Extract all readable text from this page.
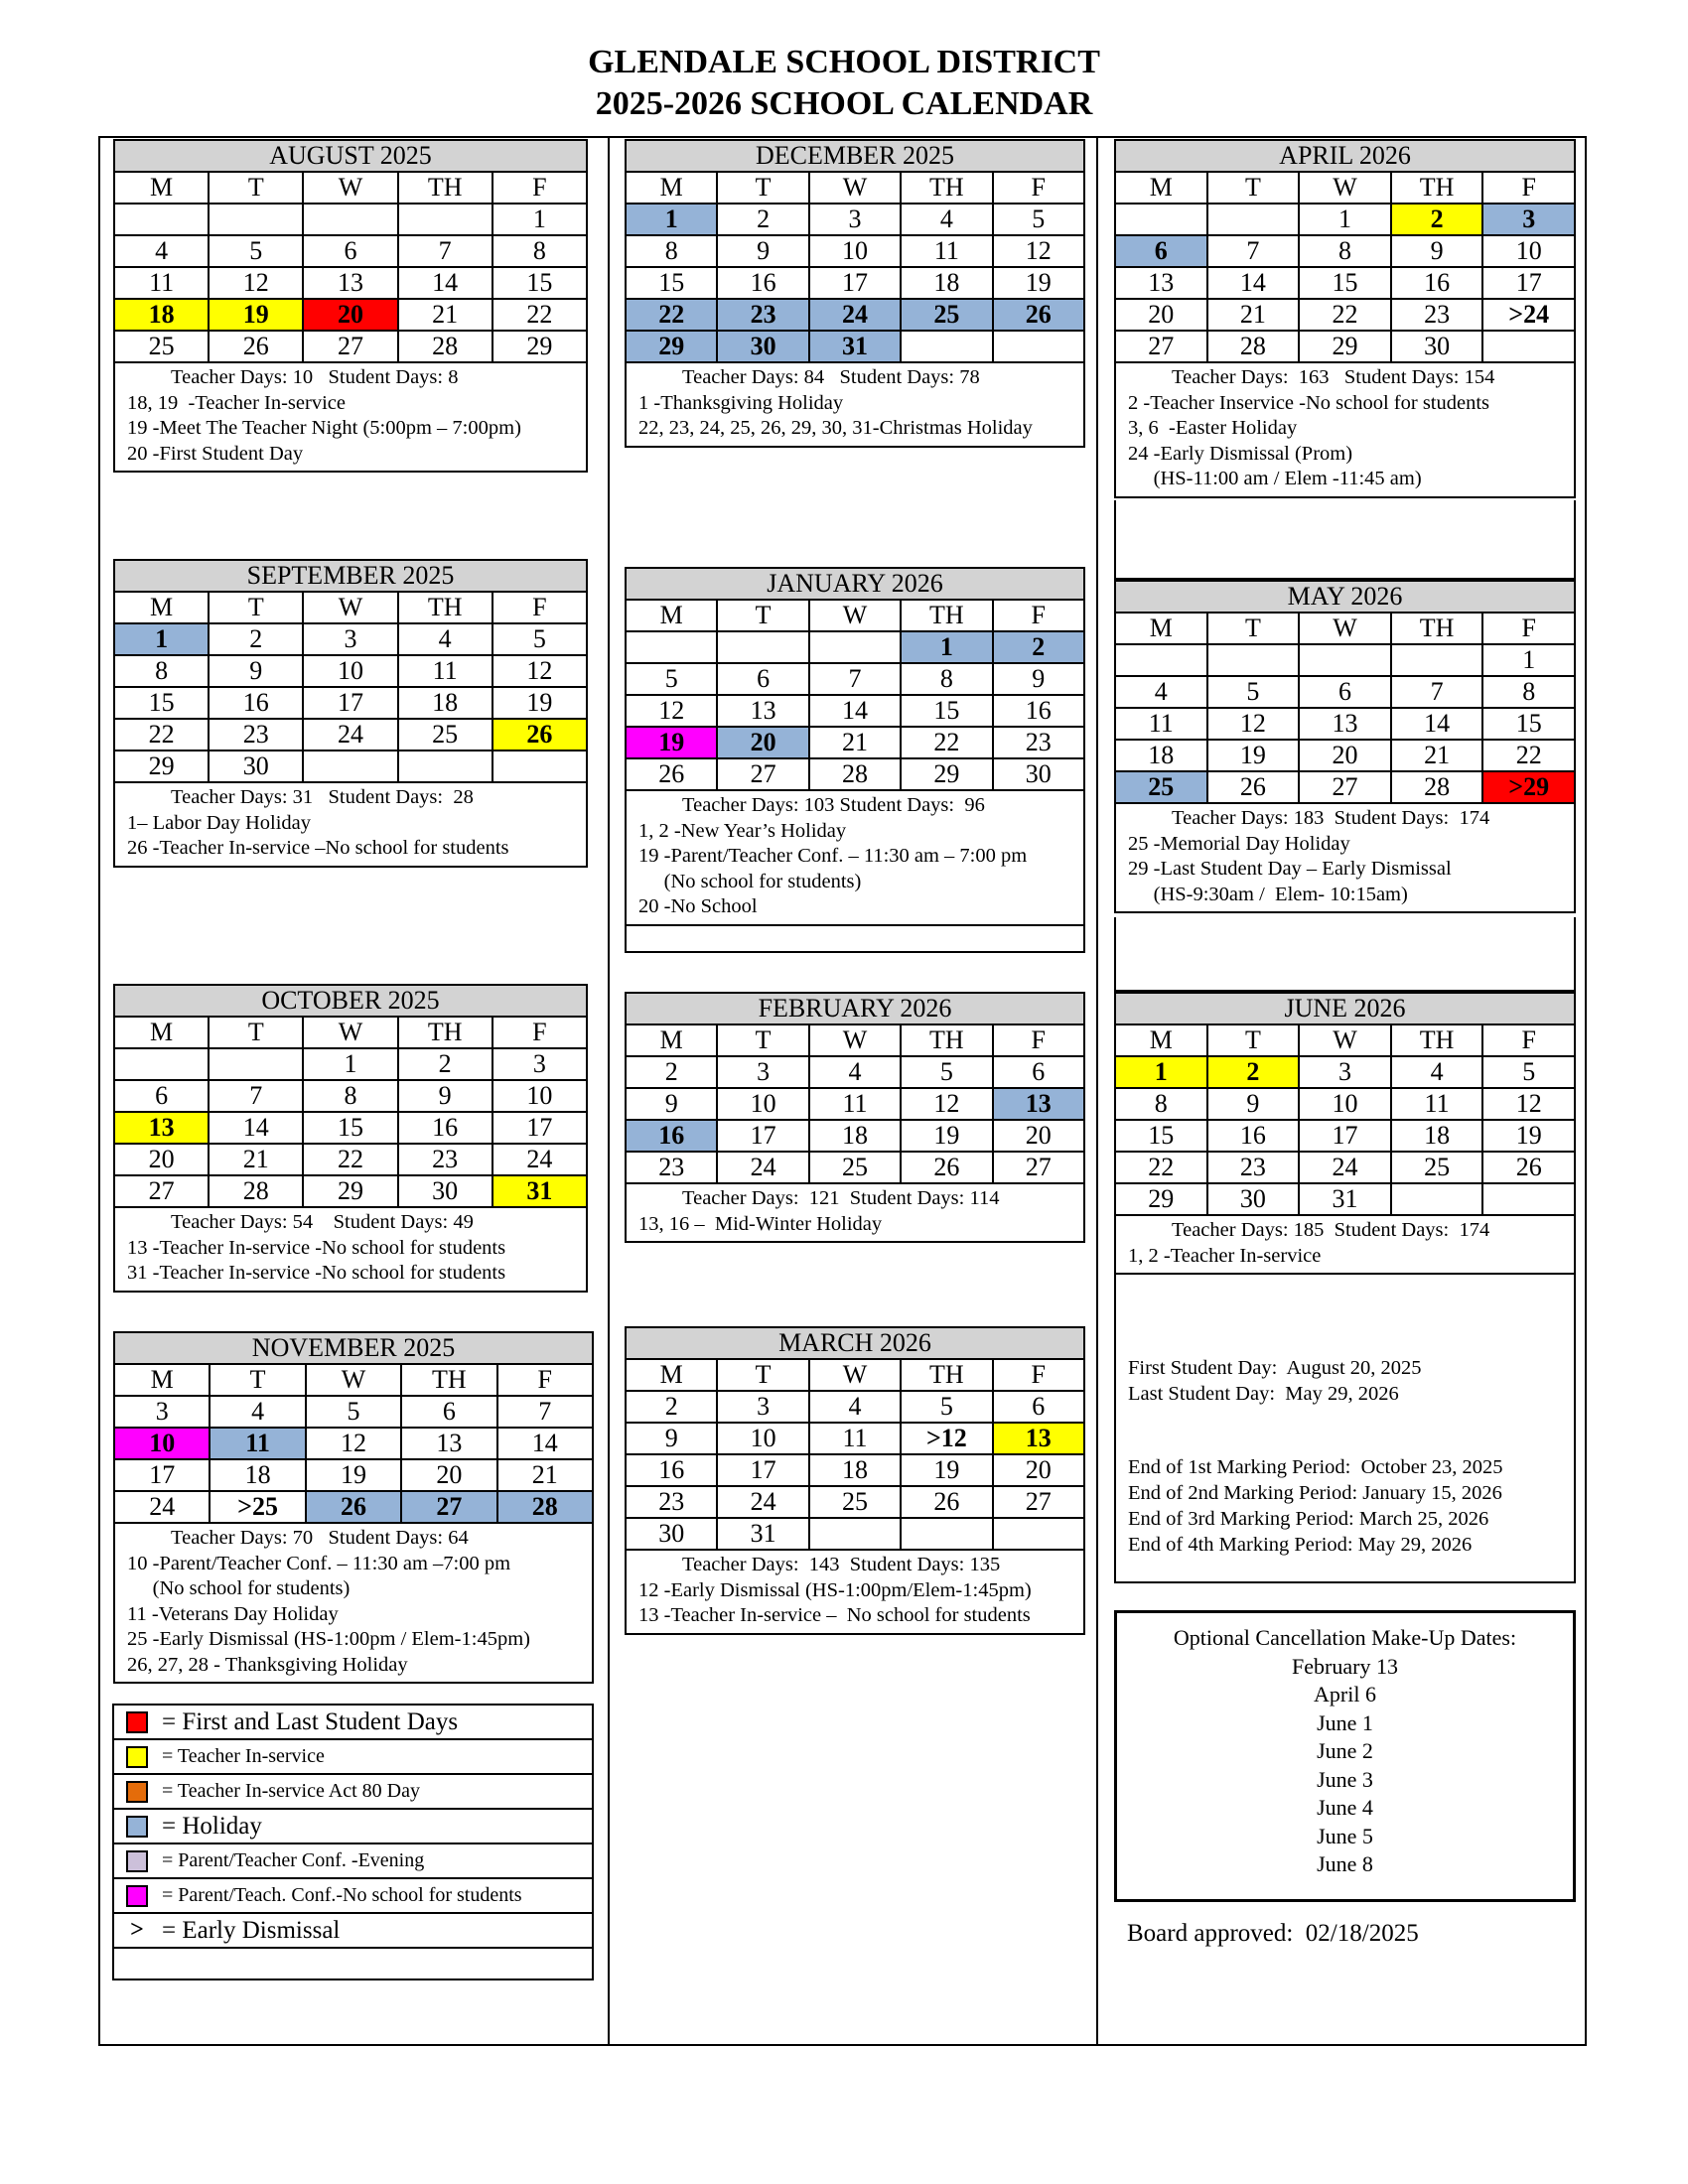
GLENDALE SCHOOL DISTRICT
2025-2026 SCHOOL CALENDAR
AUGUST 2025				
M	T	W	TH	F
				1
4	5	6	7	8
11	12	13	14	15
18	19	20	21	22
25	26	27	28	29
Teacher Days: 10   Student Days: 8
18, 19  -Teacher In-service
19 -Meet The Teacher Night (5:00pm – 7:00pm)
20 -First Student Day
SEPTEMBER 2025				
M	T	W	TH	F
1	2	3	4	5
8	9	10	11	12
15	16	17	18	19
22	23	24	25	26
29	30			
Teacher Days: 31   Student Days:  28
1– Labor Day Holiday
26 -Teacher In-service –No school for students
OCTOBER 2025				
M	T	W	TH	F
		1	2	3
6	7	8	9	10
13	14	15	16	17
20	21	22	23	24
27	28	29	30	31
Teacher Days: 54    Student Days: 49
13 -Teacher In-service -No school for students
31 -Teacher In-service -No school for students
NOVEMBER 2025				
M	T	W	TH	F
3	4	5	6	7
10	11	12	13	14
17	18	19	20	21
24	>25	26	27	28
Teacher Days: 70   Student Days: 64
10 -Parent/Teacher Conf. – 11:30 am –7:00 pm
(No school for students)
11 -Veterans Day Holiday
25 -Early Dismissal (HS-1:00pm / Elem-1:45pm)
26, 27, 28 - Thanksgiving Holiday
DECEMBER 2025				
M	T	W	TH	F
1	2	3	4	5
8	9	10	11	12
15	16	17	18	19
22	23	24	25	26
29	30	31		
Teacher Days: 84   Student Days: 78
1 -Thanksgiving Holiday
22, 23, 24, 25, 26, 29, 30, 31-Christmas Holiday
JANUARY 2026				
M	T	W	TH	F
			1	2
5	6	7	8	9
12	13	14	15	16
19	20	21	22	23
26	27	28	29	30
Teacher Days: 103 Student Days:  96
1, 2 -New Year’s Holiday
19 -Parent/Teacher Conf. – 11:30 am – 7:00 pm
(No school for students)
20 -No School
FEBRUARY 2026				
M	T	W	TH	F
2	3	4	5	6
9	10	11	12	13
16	17	18	19	20
23	24	25	26	27
Teacher Days:  121  Student Days: 114
13, 16 –  Mid-Winter Holiday
MARCH 2026				
M	T	W	TH	F
2	3	4	5	6
9	10	11	>12	13
16	17	18	19	20
23	24	25	26	27
30	31			
Teacher Days:  143  Student Days: 135
12 -Early Dismissal (HS-1:00pm/Elem-1:45pm)
13 -Teacher In-service –  No school for students
APRIL 2026				
M	T	W	TH	F
		1	2	3
6	7	8	9	10
13	14	15	16	17
20	21	22	23	>24
27	28	29	30	
Teacher Days:  163   Student Days: 154
2 -Teacher Inservice -No school for students
3, 6  -Easter Holiday
24 -Early Dismissal (Prom)
(HS-11:00 am / Elem -11:45 am)
MAY 2026				
M	T	W	TH	F
				1
4	5	6	7	8
11	12	13	14	15
18	19	20	21	22
25	26	27	28	>29
Teacher Days: 183  Student Days:  174
25 -Memorial Day Holiday
29 -Last Student Day – Early Dismissal
(HS-9:30am /  Elem- 10:15am)
JUNE 2026				
M	T	W	TH	F
1	2	3	4	5
8	9	10	11	12
15	16	17	18	19
22	23	24	25	26
29	30	31		
Teacher Days: 185  Student Days:  174
1, 2 -Teacher In-service
= First and Last Student Days
= Teacher In-service
= Teacher In-service Act 80 Day
= Holiday
= Parent/Teacher Conf. -Evening
= Parent/Teach. Conf.-No school for students
> = Early Dismissal
First Student Day:  August 20, 2025
Last Student Day:  May 29, 2026
End of 1st Marking Period:  October 23, 2025
End of 2nd Marking Period: January 15, 2026
End of 3rd Marking Period: March 25, 2026
End of 4th Marking Period: May 29, 2026
Optional Cancellation Make-Up Dates:
February 13
April 6
June 1
June 2
June 3
June 4
June 5
June 8
Board approved:  02/18/2025
